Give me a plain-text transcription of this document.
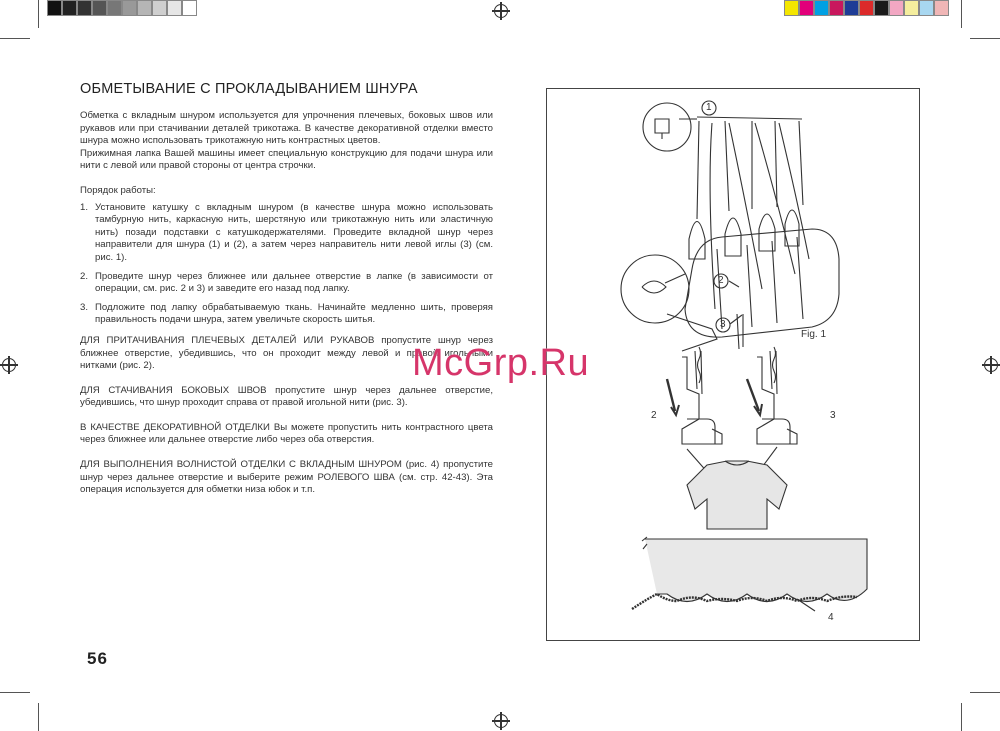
ОБМЕТЫВАНИЕ С ПРОКЛАДЫВАНИЕМ ШНУРА

Обметка с вкладным шнуром используется для упрочнения плечевых, боковых швов или рукавов или при стачивании деталей трикотажа. В качестве декоративной отделки вместо шнура можно использовать трикотажную нить контрастных цветов.

Прижимная лапка Вашей машины имеет специальную конструкцию для подачи шнура или нити с левой или правой стороны от центра строчки.

Порядок работы:

1. Установите катушку с вкладным шнуром (в качестве шнура можно использовать тамбурную нить, каркасную нить, шерстяную или трикотажную нить или эластичную нить) позади подставки с катушкодержателями. Проведите вкладной шнур через направители для шнура (1) и (2), а затем через направитель нити левой иглы (3) (см. рис. 1).
2. Проведите шнур через ближнее или дальнее отверстие в лапке (в зависимости от операции, см. рис. 2 и 3) и заведите его назад под лапку.
3. Подложите под лапку обрабатываемую ткань. Начинайте медленно шить, проверяя правильность подачи шнура, затем увеличьте скорость шитья.

ДЛЯ ПРИТАЧИВАНИЯ ПЛЕЧЕВЫХ ДЕТАЛЕЙ ИЛИ РУКАВОВ пропустите шнур через ближнее отверстие, убедившись, что он проходит между левой и правой игольными нитками (рис. 2).

ДЛЯ СТАЧИВАНИЯ БОКОВЫХ ШВОВ пропустите шнур через дальнее отверстие, убедившись, что шнур проходит справа от правой игольной нити (рис. 3).

В КАЧЕСТВЕ ДЕКОРАТИВНОЙ ОТДЕЛКИ Вы можете пропустить нить контрастного цвета через ближнее или дальнее отверстие либо через оба отверстия.

ДЛЯ ВЫПОЛНЕНИЯ ВОЛНИСТОЙ ОТДЕЛКИ С ВКЛАДНЫМ ШНУРОМ (рис. 4) пропустите шнур через дальнее отверстие и выберите режим РОЛЕВОГО ШВА (см. стр. 42-43). Эта операция используется для обметки низа юбок и т.п.

56
1
2
3
Fig. 1
2	3
4
McGrp.Ru
